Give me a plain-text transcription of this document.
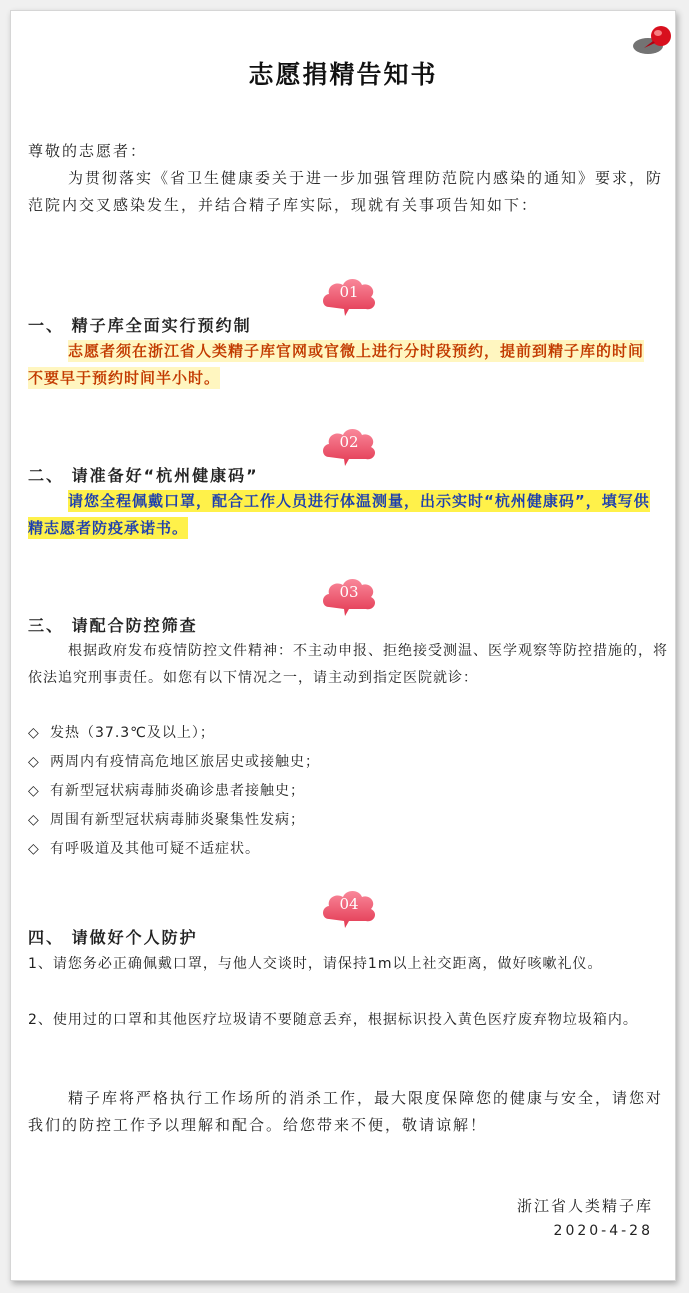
志愿捐精告知书

尊敬的志愿者：

为贯彻落实《省卫生健康委关于进一步加强管理防范院内感染的通知》要求，防范院内交叉感染发生，并结合精子库实际，现就有关事项告知如下：

01
一、 精子库全面实行预约制
志愿者须在浙江省人类精子库官网或官微上进行分时段预约，提前到精子库的时间不要早于预约时间半小时。
02
二、 请准备好“杭州健康码”
请您全程佩戴口罩，配合工作人员进行体温测量，出示实时“杭州健康码”，填写供精志愿者防疫承诺书。
03
三、 请配合防控筛查

根据政府发布疫情防控文件精神：不主动申报、拒绝接受测温、医学观察等防控措施的，将依法追究刑事责任。如您有以下情况之一，请主动到指定医院就诊：

◇ 发热（37.3℃及以上）；
◇ 两周内有疫情高危地区旅居史或接触史；
◇ 有新型冠状病毒肺炎确诊患者接触史；
◇ 周围有新型冠状病毒肺炎聚集性发病；
◇ 有呼吸道及其他可疑不适症状。
04
四、 请做好个人防护

1、请您务必正确佩戴口罩，与他人交谈时，请保持1m以上社交距离，做好咳嗽礼仪。

2、使用过的口罩和其他医疗垃圾请不要随意丢弃，根据标识投入黄色医疗废弃物垃圾箱内。

精子库将严格执行工作场所的消杀工作，最大限度保障您的健康与安全，请您对我们的防控工作予以理解和配合。给您带来不便，敬请谅解！

浙江省人类精子库
2020-4-28
